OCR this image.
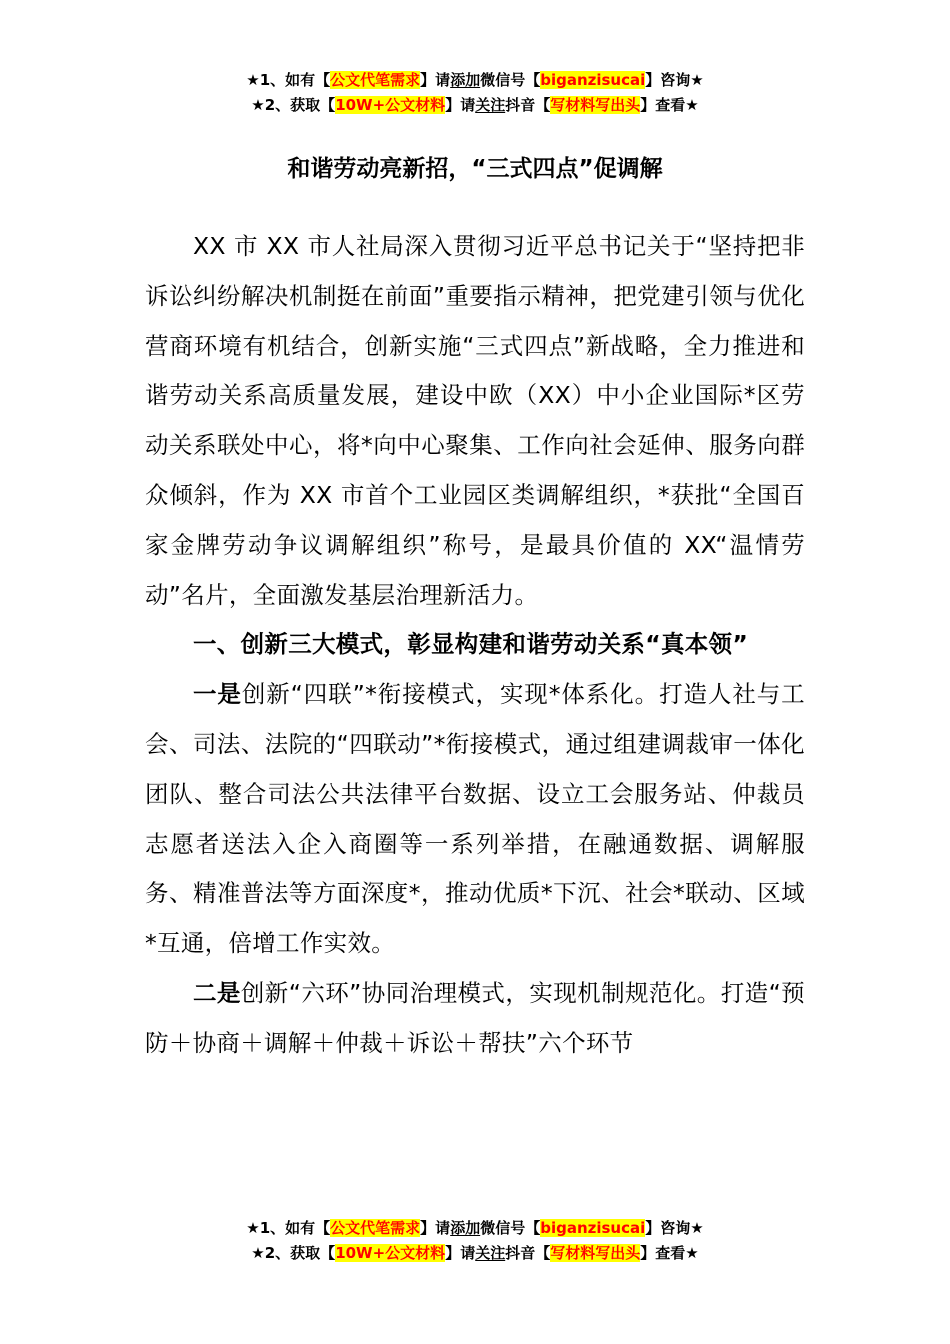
★1、如有【公文代笔需求】请添加微信号【biganzisucai】咨询★
★2、获取【10W+公文材料】请关注抖音【写材料写出头】查看★
和谐劳动亮新招，“三式四点”促调解

XX 市 XX 市人社局深入贯彻习近平总书记关于“坚持把非诉讼纠纷解决机制挺在前面”重要指示精神，把党建引领与优化营商环境有机结合，创新实施“三式四点”新战略，全力推进和谐劳动关系高质量发展，建设中欧（XX）中小企业国际*区劳动关系联处中心，将*向中心聚集、工作向社会延伸、服务向群众倾斜，作为 XX 市首个工业园区类调解组织，*获批“全国百家金牌劳动争议调解组织”称号，是最具价值的 XX“温情劳动”名片，全面激发基层治理新活力。

一、创新三大模式，彰显构建和谐劳动关系“真本领”

一是创新“四联”*衔接模式，实现*体系化。打造人社与工会、司法、法院的“四联动”*衔接模式，通过组建调裁审一体化团队、整合司法公共法律平台数据、设立工会服务站、仲裁员志愿者送法入企入商圈等一系列举措，在融通数据、调解服务、精准普法等方面深度*，推动优质*下沉、社会*联动、区域*互通，倍增工作实效。

二是创新“六环”协同治理模式，实现机制规范化。打造“预防＋协商＋调解＋仲裁＋诉讼＋帮扶”六个环节

★1、如有【公文代笔需求】请添加微信号【biganzisucai】咨询★
★2、获取【10W+公文材料】请关注抖音【写材料写出头】查看★
